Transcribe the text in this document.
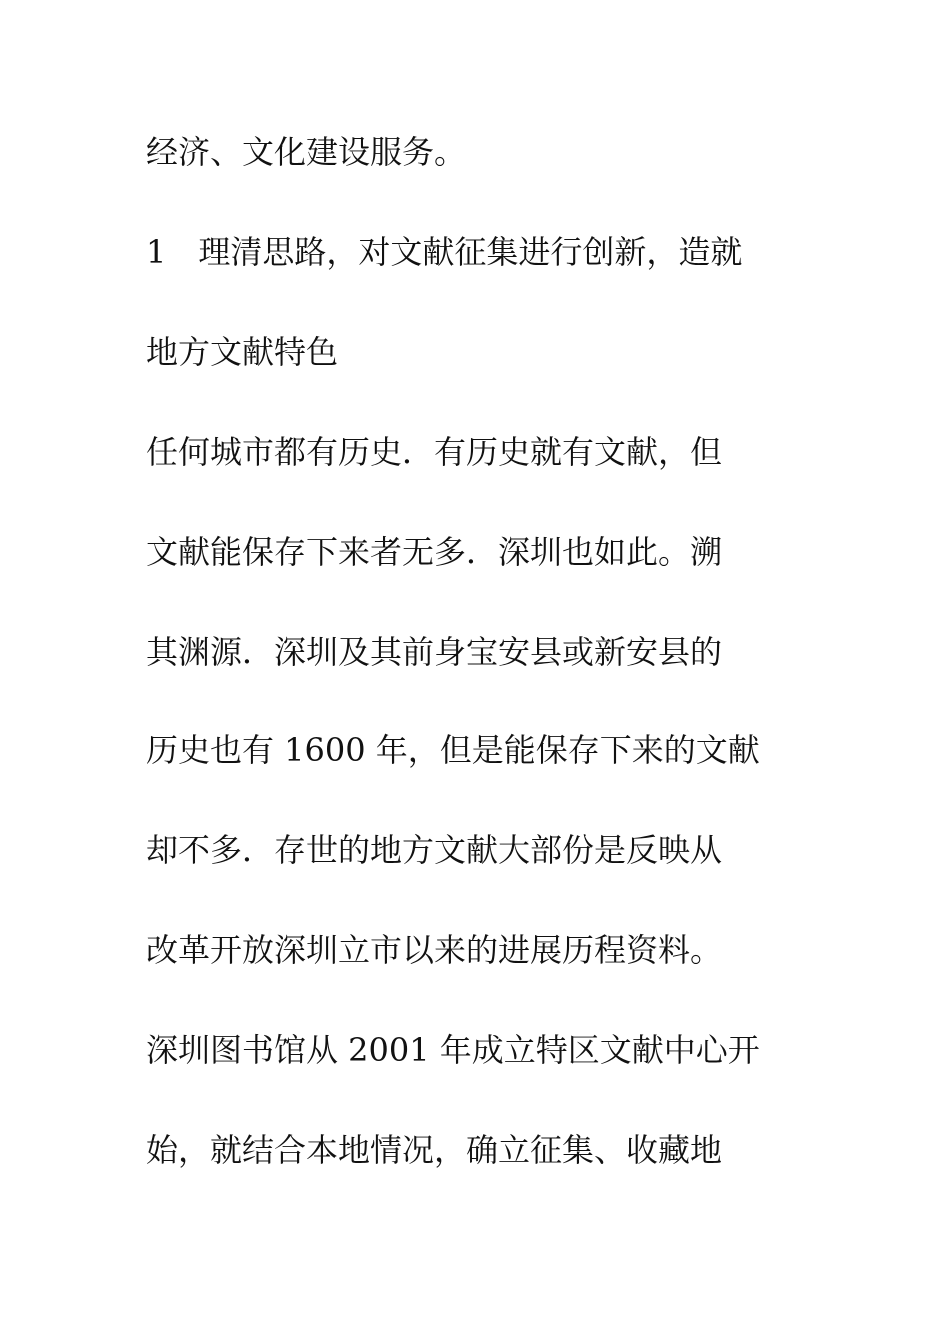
经济、文化建设服务。
1　理清思路，对文献征集进行创新，造就
地方文献特色
任何城市都有历史．有历史就有文献，但
文献能保存下来者无多．深圳也如此。溯
其渊源．深圳及其前身宝安县或新安县的
历史也有 1600 年，但是能保存下来的文献
却不多．存世的地方文献大部份是反映从
改革开放深圳立市以来的进展历程资料。
深圳图书馆从 2001 年成立特区文献中心开
始，就结合本地情况，确立征集、收藏地
